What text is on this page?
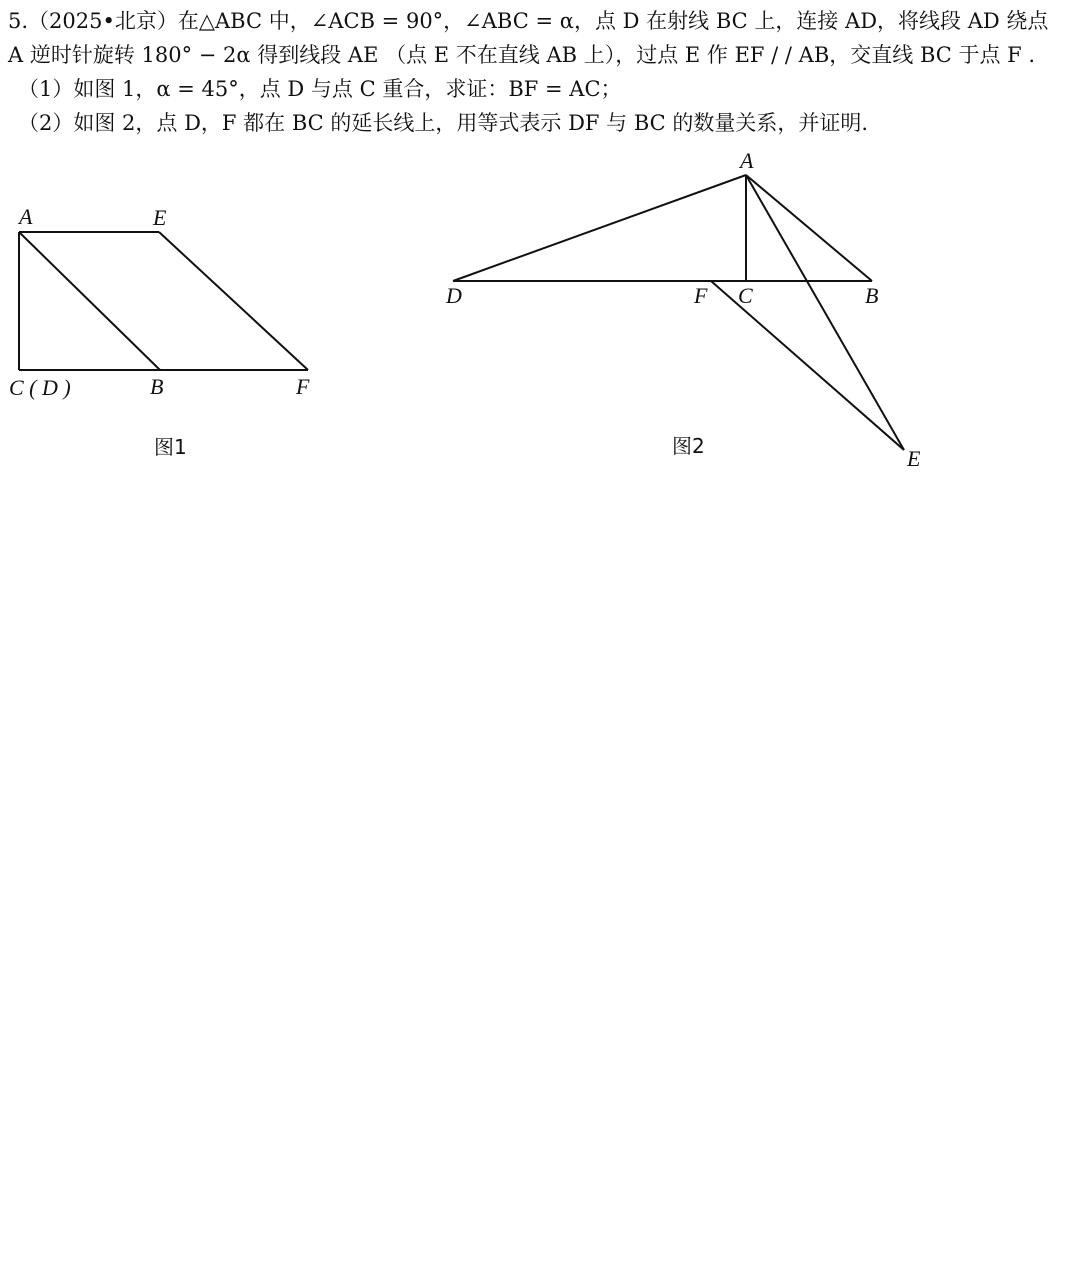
5.（2025•北京）在△ABC 中，∠ACB = 90°，∠ABC = α，点 D 在射线 BC 上，连接 AD，将线段 AD 绕点
A 逆时针旋转 180° − 2α 得到线段 AE （点 E 不在直线 AB 上），过点 E 作 EF / / AB，交直线 BC 于点 F .
（1）如图 1，α = 45°，点 D 与点 C 重合，求证：BF = AC；
（2）如图 2，点 D，F 都在 BC 的延长线上，用等式表示 DF 与 BC 的数量关系，并证明.
A	E
C ( D )	B	F
图1
A
D	F C	B
E
图2
